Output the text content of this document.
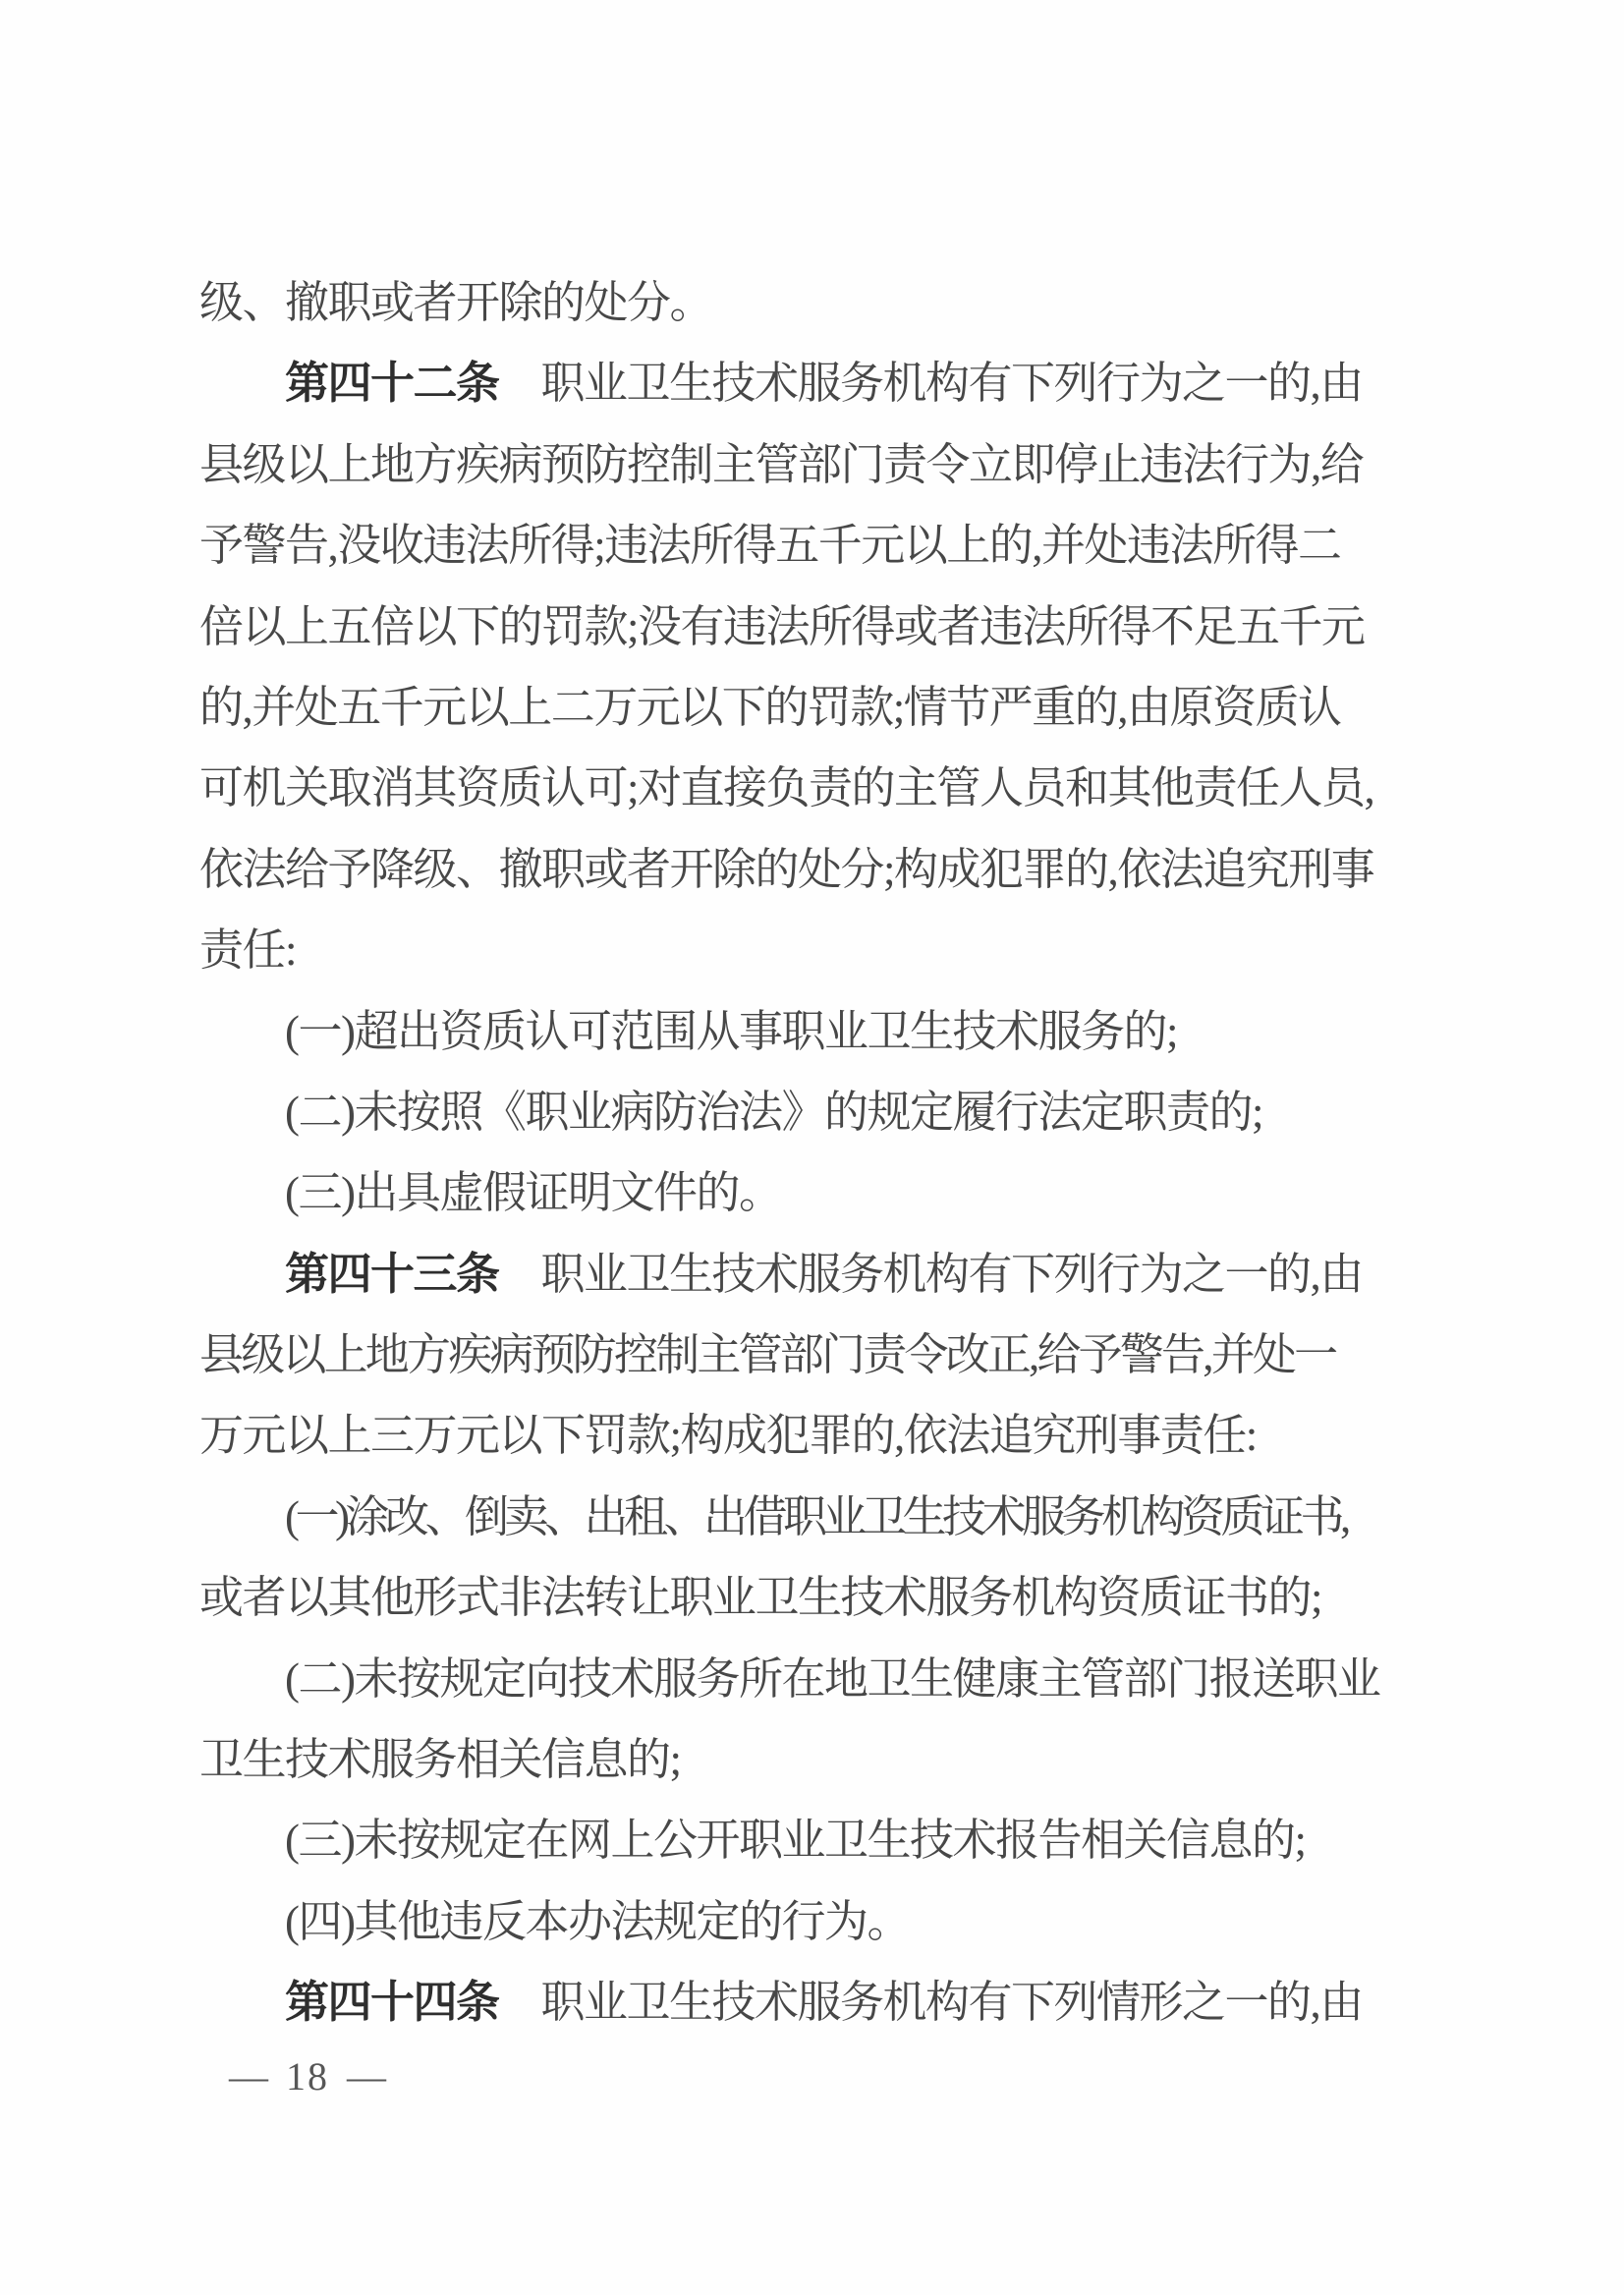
级、撤职或者开除的处分。
第四十二条 职业卫生技术服务机构有下列行为之一的,由
县级以上地方疾病预防控制主管部门责令立即停止违法行为,给
予警告,没收违法所得;违法所得五千元以上的,并处违法所得二
倍以上五倍以下的罚款;没有违法所得或者违法所得不足五千元
的,并处五千元以上二万元以下的罚款;情节严重的,由原资质认
可机关取消其资质认可;对直接负责的主管人员和其他责任人员,
依法给予降级、撤职或者开除的处分;构成犯罪的,依法追究刑事
责任:
(一)超出资质认可范围从事职业卫生技术服务的;
(二)未按照《职业病防治法》的规定履行法定职责的;
(三)出具虚假证明文件的。
第四十三条 职业卫生技术服务机构有下列行为之一的,由
县级以上地方疾病预防控制主管部门责令改正,给予警告,并处一
万元以上三万元以下罚款;构成犯罪的,依法追究刑事责任:
(一)涂改、倒卖、出租、出借职业卫生技术服务机构资质证书,
或者以其他形式非法转让职业卫生技术服务机构资质证书的;
(二)未按规定向技术服务所在地卫生健康主管部门报送职业
卫生技术服务相关信息的;
(三)未按规定在网上公开职业卫生技术报告相关信息的;
(四)其他违反本办法规定的行为。
第四十四条 职业卫生技术服务机构有下列情形之一的,由
— 18 —
